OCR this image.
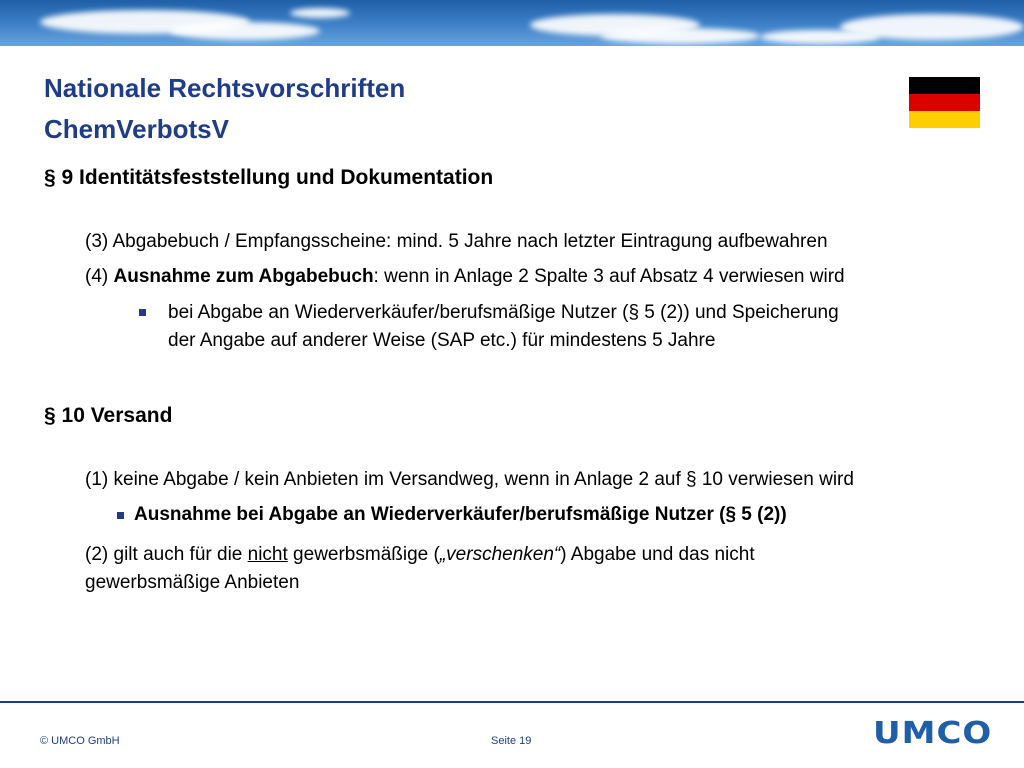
Nationale Rechtsvorschriften
ChemVerbotsV
§ 9 Identitätsfeststellung und Dokumentation
(3) Abgabebuch / Empfangsscheine: mind. 5 Jahre nach letzter Eintragung aufbewahren
(4) Ausnahme zum Abgabebuch: wenn in Anlage 2 Spalte 3 auf Absatz 4 verwiesen wird
bei Abgabe an Wiederverkäufer/berufsmäßige Nutzer (§ 5 (2)) und Speicherung
der Angabe auf anderer Weise (SAP etc.) für mindestens 5 Jahre
§ 10 Versand
(1) keine Abgabe / kein Anbieten im Versandweg, wenn in Anlage 2 auf § 10 verwiesen wird
Ausnahme bei Abgabe an Wiederverkäufer/berufsmäßige Nutzer (§ 5 (2))
(2) gilt auch für die nicht gewerbsmäßige („verschenken“) Abgabe und das nicht
gewerbsmäßige Anbieten
© UMCO GmbH	Seite 19	UMCO
